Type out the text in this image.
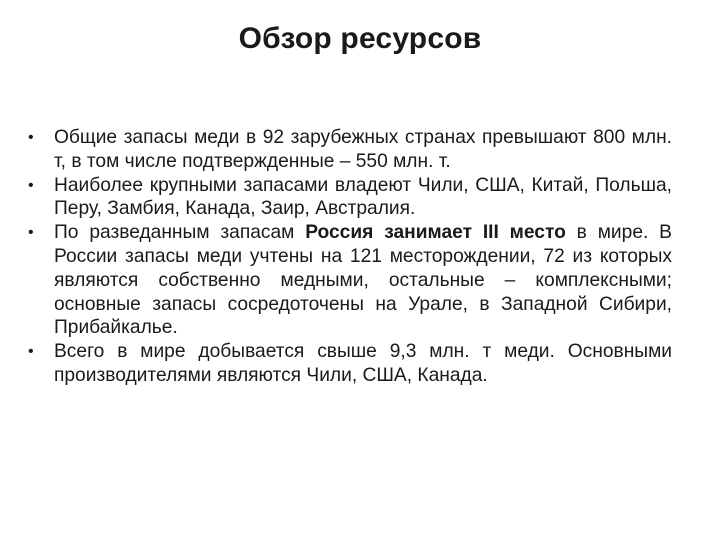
Обзор ресурсов
•	Общие запасы меди в 92 зарубежных странах превышают 800 млн. т, в том числе подтвержденные – 550 млн. т.
•	Наиболее крупными запасами владеют Чили, США, Китай, Польша, Перу, Замбия, Канада, Заир, Австралия.
•	По разведанным запасам Россия занимает III место в мире. В России запасы меди учтены на 121 месторождении, 72 из которых являются собственно медными, остальные – комплексными; основные запасы сосредоточены на Урале, в Западной Сибири, Прибайкалье.
•	Всего в мире добывается свыше 9,3 млн. т меди. Основными производителями являются Чили, США, Канада.
